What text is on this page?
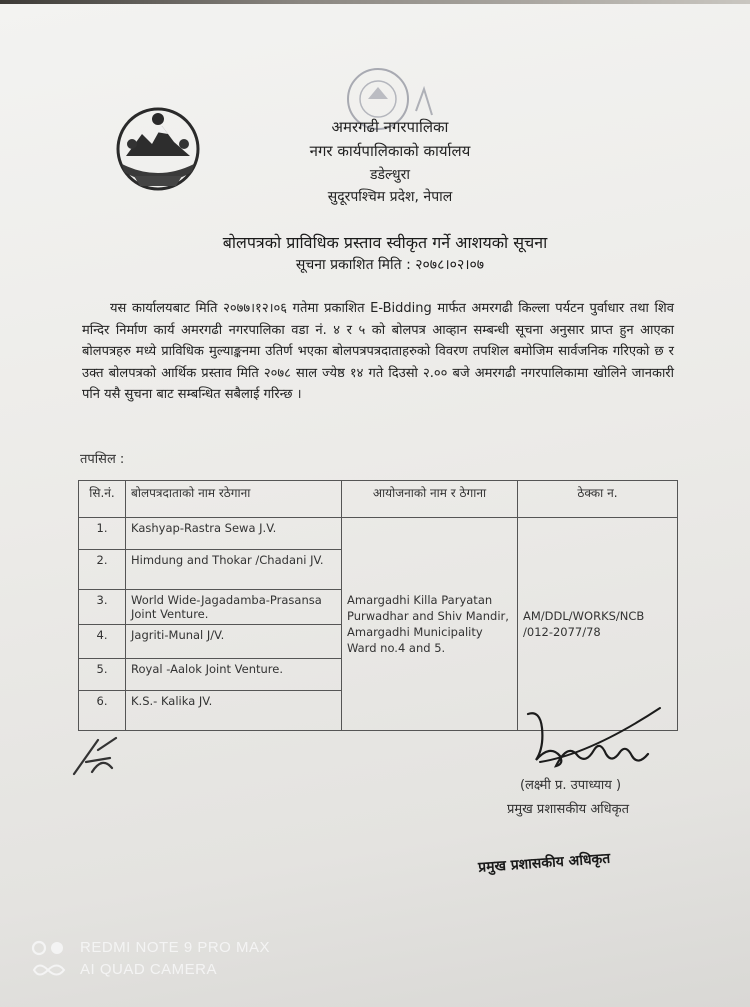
अमरगढी नगरपालिका
नगर कार्यपालिकाको कार्यालय
डडेल्धुरा
सुदूरपश्चिम प्रदेश, नेपाल
बोलपत्रको प्राविधिक प्रस्ताव स्वीकृत गर्ने आशयको सूचना
सूचना प्रकाशित मिति : २०७८।०२।०७
यस कार्यालयबाट मिति २०७७।१२।०६ गतेमा प्रकाशित E-Bidding मार्फत अमरगढी किल्ला पर्यटन पुर्वाधार तथा शिव मन्दिर निर्माण कार्य अमरगढी नगरपालिका वडा नं. ४ र ५ को बोलपत्र आव्हान सम्बन्धी सूचना अनुसार प्राप्त हुन आएका बोलपत्रहरु मध्ये प्राविधिक मुल्याङ्कनमा उतिर्ण भएका बोलपत्रपत्रदाताहरुको विवरण तपशिल बमोजिम सार्वजनिक गरिएको छ र उक्त बोलपत्रको आर्थिक प्रस्ताव मिति २०७८ साल ज्येष्ठ १४ गते दिउसो २.०० बजे अमरगढी नगरपालिकामा खोलिने जानकारी पनि यसै सुचना बाट सम्बन्धित सबैलाई गरिन्छ ।
तपसिल :
सि.नं.	बोलपत्रदाताको नाम रठेगाना	आयोजनाको नाम र ठेगाना	ठेक्का न.
1.	Kashyap-Rastra Sewa J.V.	Amargadhi Killa Paryatan Purwadhar and Shiv Mandir, Amargadhi Municipality Ward no.4 and 5.	AM/DDL/WORKS/NCB /012-2077/78
2.	Himdung and Thokar /Chadani JV.		
3.	World Wide-Jagadamba-Prasansa Joint Venture.		
4.	Jagriti-Munal J/V.		
5.	Royal -Aalok Joint Venture.		
6.	K.S.- Kalika JV.		
(लक्ष्मी प्र. उपाध्याय )
प्रमुख प्रशासकीय अधिकृत
प्रमुख प्रशासकीय अधिकृत
REDMI NOTE 9 PRO MAX
AI QUAD CAMERA
